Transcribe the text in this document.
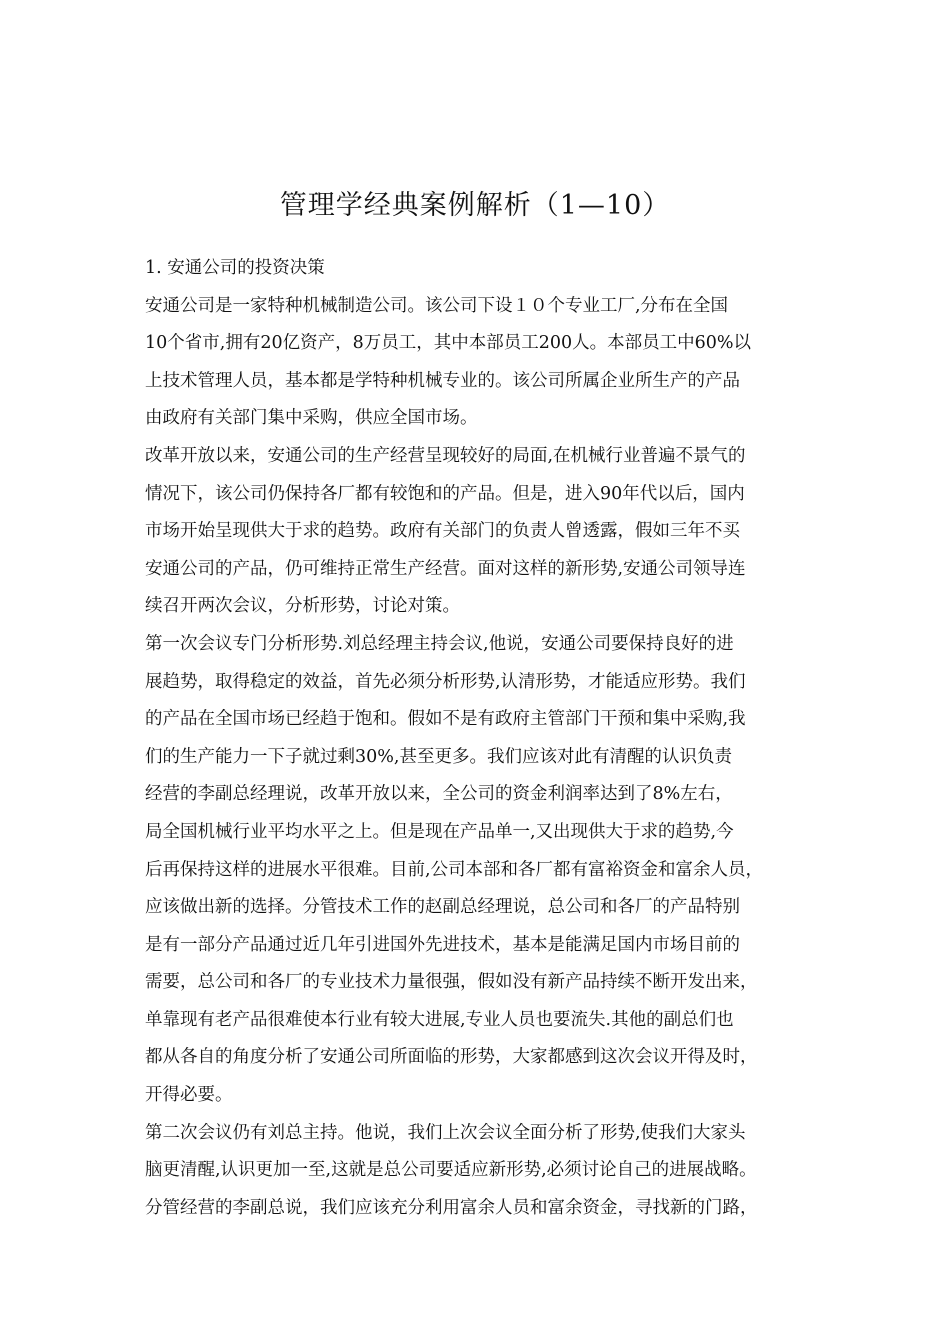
管理学经典案例解析（1—10）
1. 安通公司的投资决策
安通公司是一家特种机械制造公司。该公司下设１０个专业工厂,分布在全国
10个省市,拥有20亿资产，8万员工，其中本部员工200人。本部员工中60%以
上技术管理人员，基本都是学特种机械专业的。该公司所属企业所生产的产品
由政府有关部门集中采购，供应全国市场。
改革开放以来，安通公司的生产经营呈现较好的局面,在机械行业普遍不景气的
情况下，该公司仍保持各厂都有较饱和的产品。但是，进入90年代以后，国内
市场开始呈现供大于求的趋势。政府有关部门的负责人曾透露，假如三年不买
安通公司的产品，仍可维持正常生产经营。面对这样的新形势,安通公司领导连
续召开两次会议，分析形势，讨论对策。
第一次会议专门分析形势.刘总经理主持会议,他说，安通公司要保持良好的进
展趋势，取得稳定的效益，首先必须分析形势,认清形势，才能适应形势。我们
的产品在全国市场已经趋于饱和。假如不是有政府主管部门干预和集中采购,我
们的生产能力一下子就过剩30%,甚至更多。我们应该对此有清醒的认识负责
经营的李副总经理说，改革开放以来，全公司的资金利润率达到了8%左右，
局全国机械行业平均水平之上。但是现在产品单一,又出现供大于求的趋势,今
后再保持这样的进展水平很难。目前,公司本部和各厂都有富裕资金和富余人员，
应该做出新的选择。分管技术工作的赵副总经理说，总公司和各厂的产品特别
是有一部分产品通过近几年引进国外先进技术，基本是能满足国内市场目前的
需要，总公司和各厂的专业技术力量很强，假如没有新产品持续不断开发出来，
单靠现有老产品很难使本行业有较大进展,专业人员也要流失.其他的副总们也
都从各自的角度分析了安通公司所面临的形势，大家都感到这次会议开得及时，
开得必要。
第二次会议仍有刘总主持。他说，我们上次会议全面分析了形势,使我们大家头
脑更清醒,认识更加一至,这就是总公司要适应新形势,必须讨论自己的进展战略。
分管经营的李副总说，我们应该充分利用富余人员和富余资金，寻找新的门路，
